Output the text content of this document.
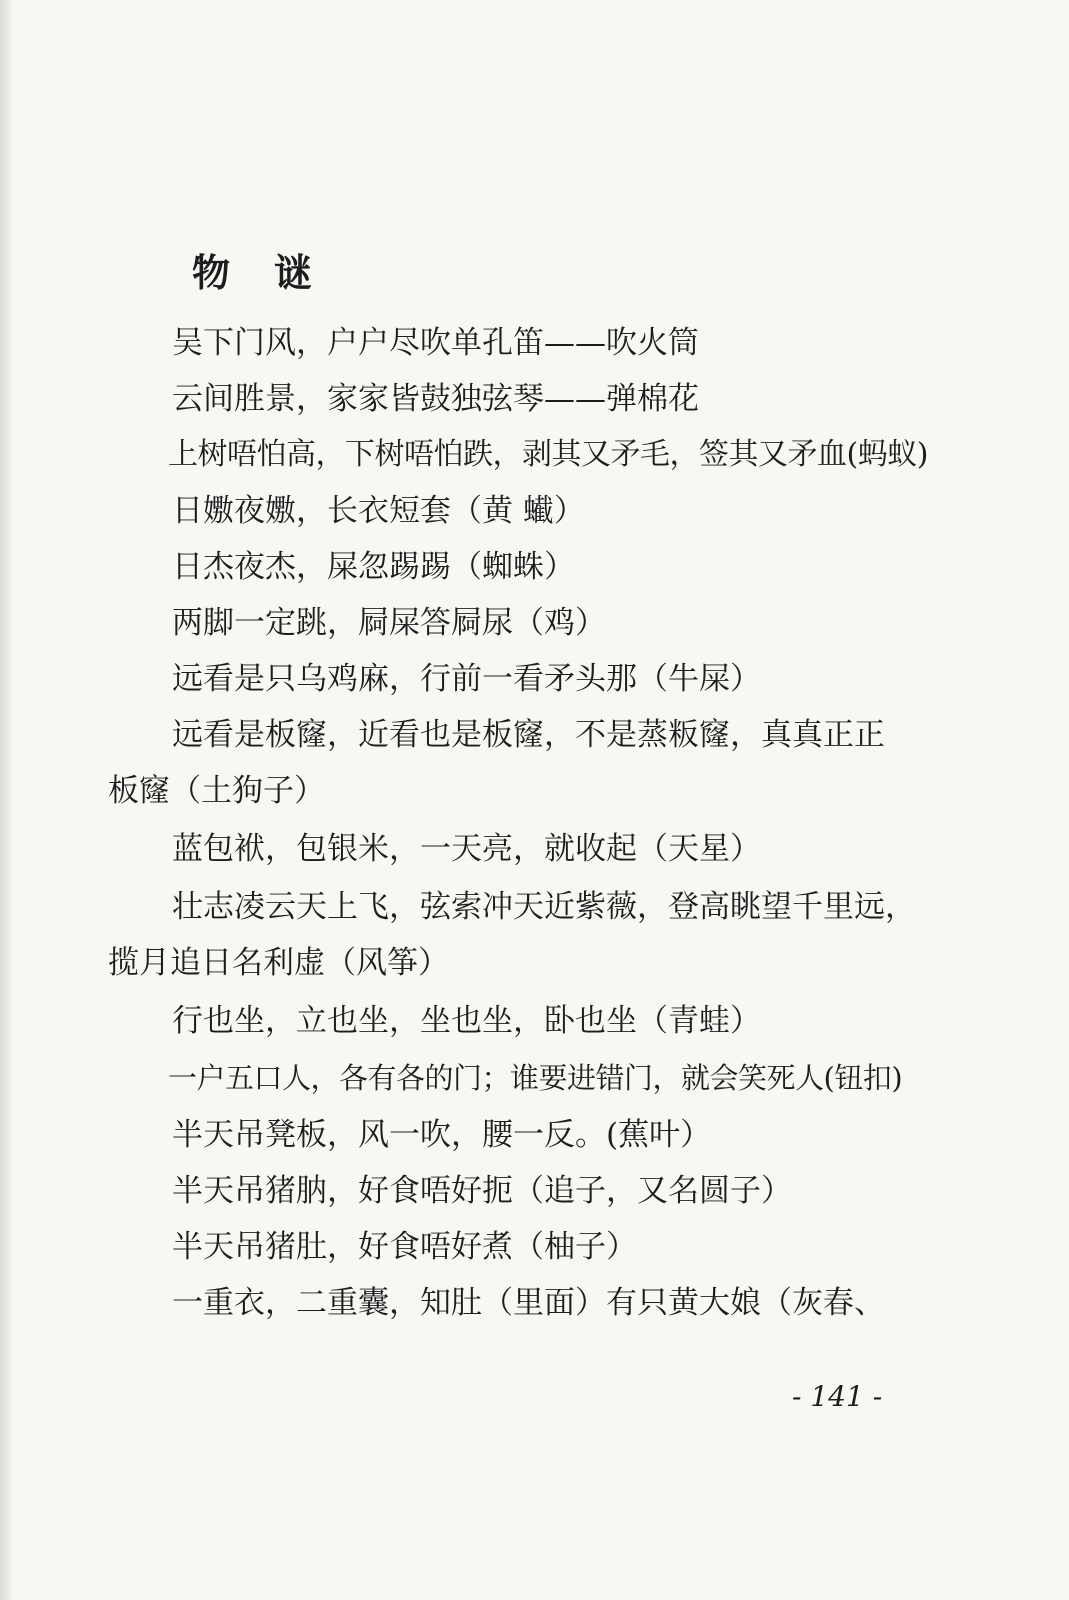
物谜
吴下门风，户户尽吹单孔笛——吹火筒
云间胜景，家家皆鼓独弦琴——弹棉花
上树唔怕高，下树唔怕跌，剥其又矛毛，签其又矛血(蚂蚁)
日嫐夜嫐，长衣短套（黄 蠘）
日杰夜杰，屎忽踢踢（蜘蛛）
两脚一定跳，屙屎答屙尿（鸡）
远看是只乌鸡麻，行前一看矛头那（牛屎）
远看是板窿，近看也是板窿，不是蒸粄窿，真真正正
板窿（土狗子）
蓝包袱，包银米，一天亮，就收起（天星）
壮志凌云天上飞，弦索冲天近紫薇，登高眺望千里远，
揽月追日名利虚（风筝）
行也坐，立也坐，坐也坐，卧也坐（青蛙）
一户五口人，各有各的门；谁要进错门，就会笑死人(钮扣)
半天吊凳板，风一吹，腰一反。(蕉叶）
半天吊猪肭，好食唔好扼（追子，又名圆子）
半天吊猪肚，好食唔好煮（柚子）
一重衣，二重囊，知肚（里面）有只黄大娘（灰春、
- 141 -
